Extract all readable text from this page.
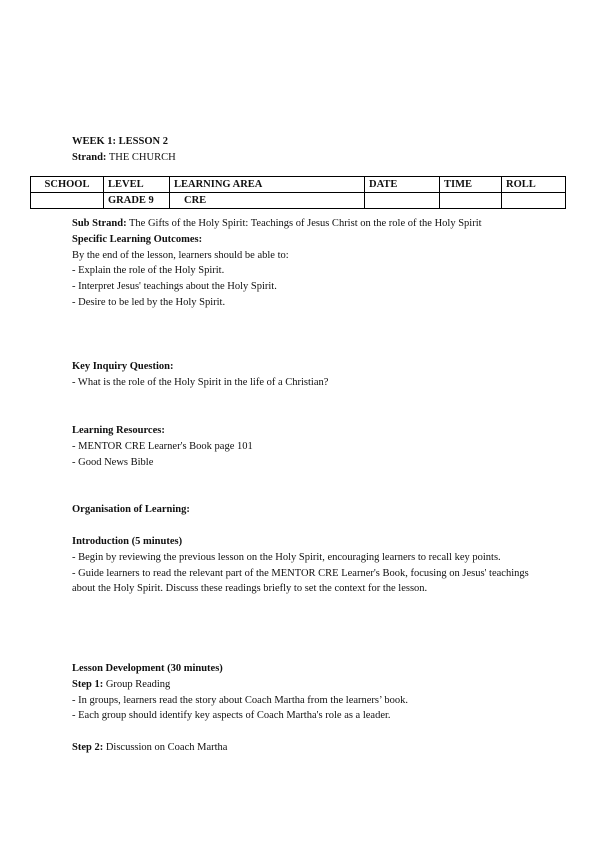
WEEK 1: LESSON 2
Strand: THE CHURCH
SCHOOL	LEVEL	LEARNING AREA	DATE	TIME	ROLL
	GRADE 9	CRE			
Sub Strand: The Gifts of the Holy Spirit: Teachings of Jesus Christ on the role of the Holy Spirit
Specific Learning Outcomes:
By the end of the lesson, learners should be able to:
- Explain the role of the Holy Spirit.
- Interpret Jesus' teachings about the Holy Spirit.
- Desire to be led by the Holy Spirit.
Key Inquiry Question:
- What is the role of the Holy Spirit in the life of a Christian?
Learning Resources:
- MENTOR CRE Learner's Book page 101
- Good News Bible
Organisation of Learning:
Introduction (5 minutes)
- Begin by reviewing the previous lesson on the Holy Spirit, encouraging learners to recall key points.
- Guide learners to read the relevant part of the MENTOR CRE Learner's Book, focusing on Jesus' teachings about the Holy Spirit. Discuss these readings briefly to set the context for the lesson.
Lesson Development (30 minutes)
Step 1: Group Reading
- In groups, learners read the story about Coach Martha from the learners’ book.
- Each group should identify key aspects of Coach Martha's role as a leader.
Step 2: Discussion on Coach Martha
